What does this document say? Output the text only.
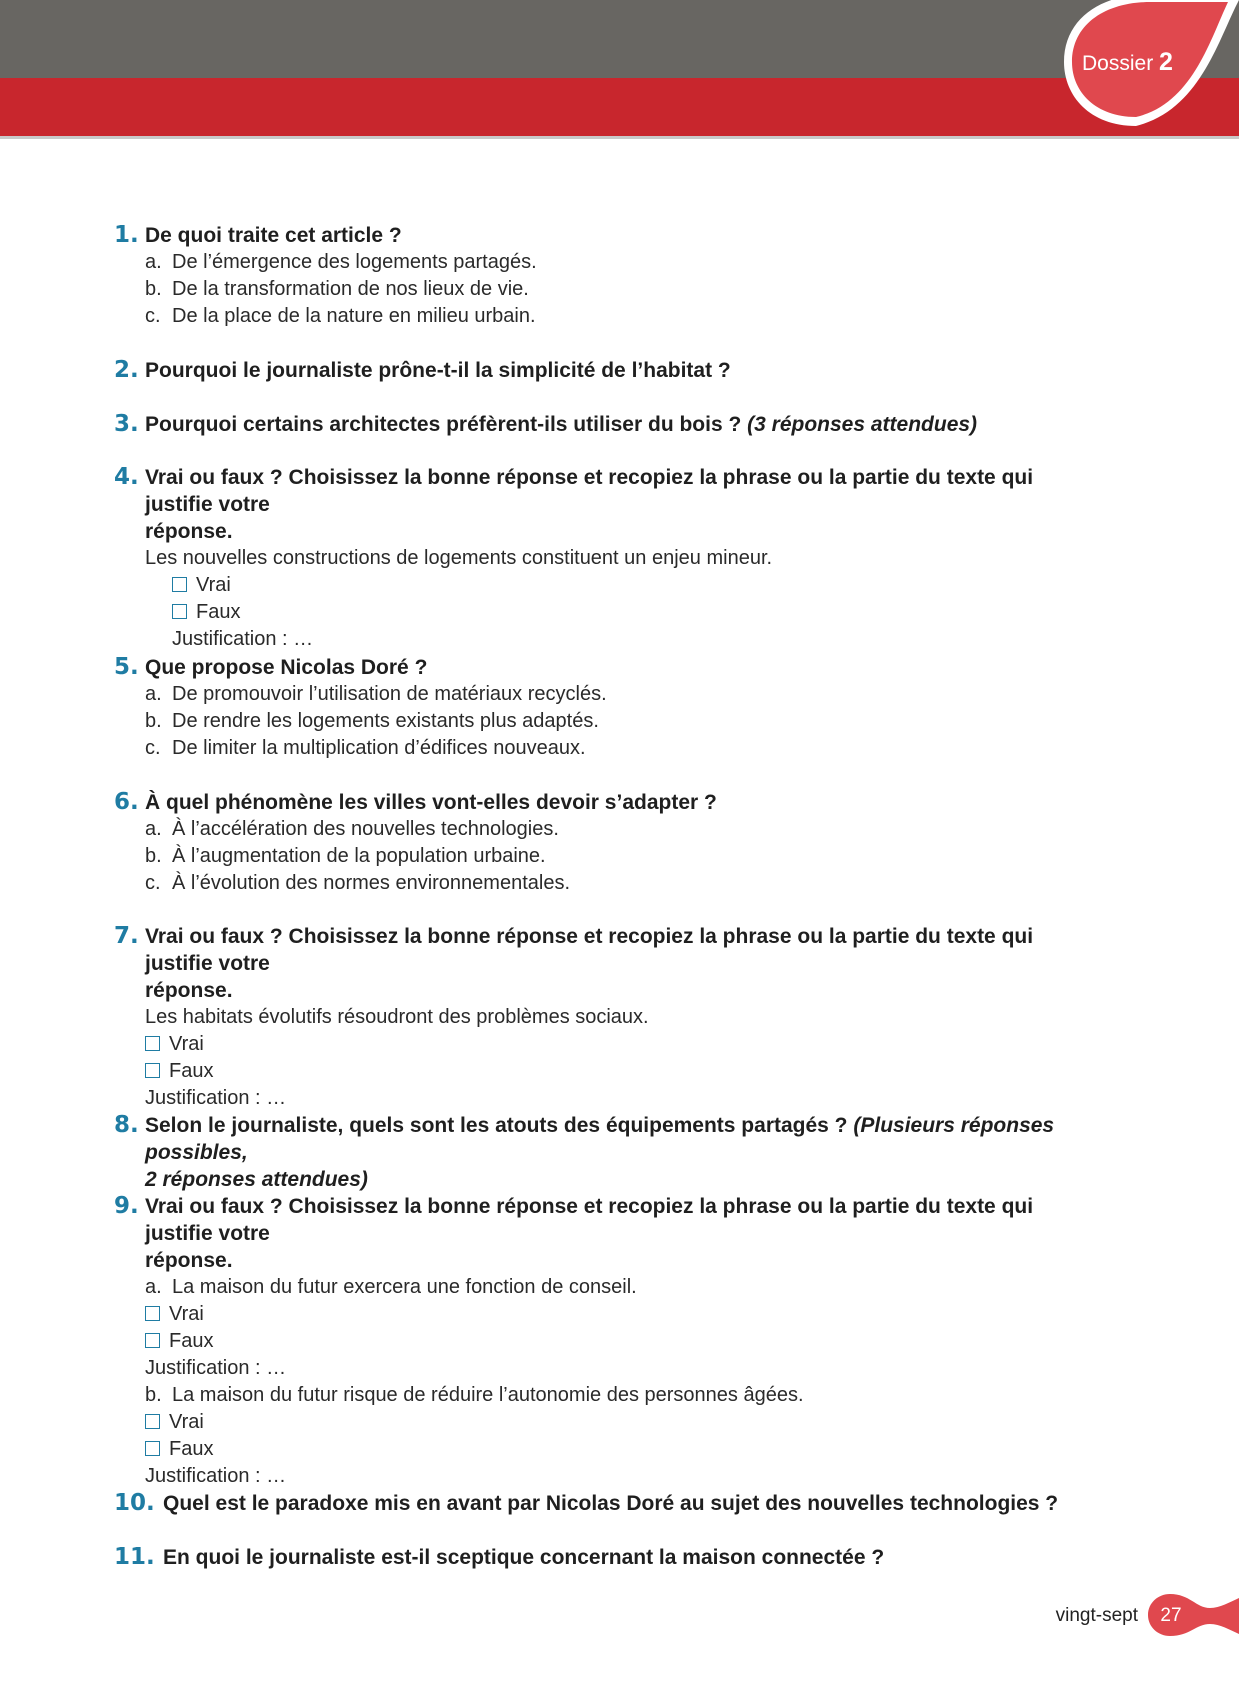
Dossier 2
1. De quoi traite cet article ?
a. De l’émergence des logements partagés.
b. De la transformation de nos lieux de vie.
c. De la place de la nature en milieu urbain.
2. Pourquoi le journaliste prône-t-il la simplicité de l’habitat ?
3. Pourquoi certains architectes préfèrent-ils utiliser du bois ? (3 réponses attendues)
4. Vrai ou faux ? Choisissez la bonne réponse et recopiez la phrase ou la partie du texte qui justifie votre
réponse.
Les nouvelles constructions de logements constituent un enjeu mineur.
Vrai
Faux
Justification : …
5. Que propose Nicolas Doré ?
a. De promouvoir l’utilisation de matériaux recyclés.
b. De rendre les logements existants plus adaptés.
c. De limiter la multiplication d’édifices nouveaux.
6. À quel phénomène les villes vont-elles devoir s’adapter ?
a. À l’accélération des nouvelles technologies.
b. À l’augmentation de la population urbaine.
c. À l’évolution des normes environnementales.
7. Vrai ou faux ? Choisissez la bonne réponse et recopiez la phrase ou la partie du texte qui justifie votre
réponse.
Les habitats évolutifs résoudront des problèmes sociaux.
Vrai
Faux
Justification : …
8. Selon le journaliste, quels sont les atouts des équipements partagés ? (Plusieurs réponses possibles,
2 réponses attendues)
9. Vrai ou faux ? Choisissez la bonne réponse et recopiez la phrase ou la partie du texte qui justifie votre
réponse.
a. La maison du futur exercera une fonction de conseil.
Vrai
Faux
Justification : …
b. La maison du futur risque de réduire l’autonomie des personnes âgées.
Vrai
Faux
Justification : …
10. Quel est le paradoxe mis en avant par Nicolas Doré au sujet des nouvelles technologies ?
11. En quoi le journaliste est-il sceptique concernant la maison connectée ?
vingt-sept	27
